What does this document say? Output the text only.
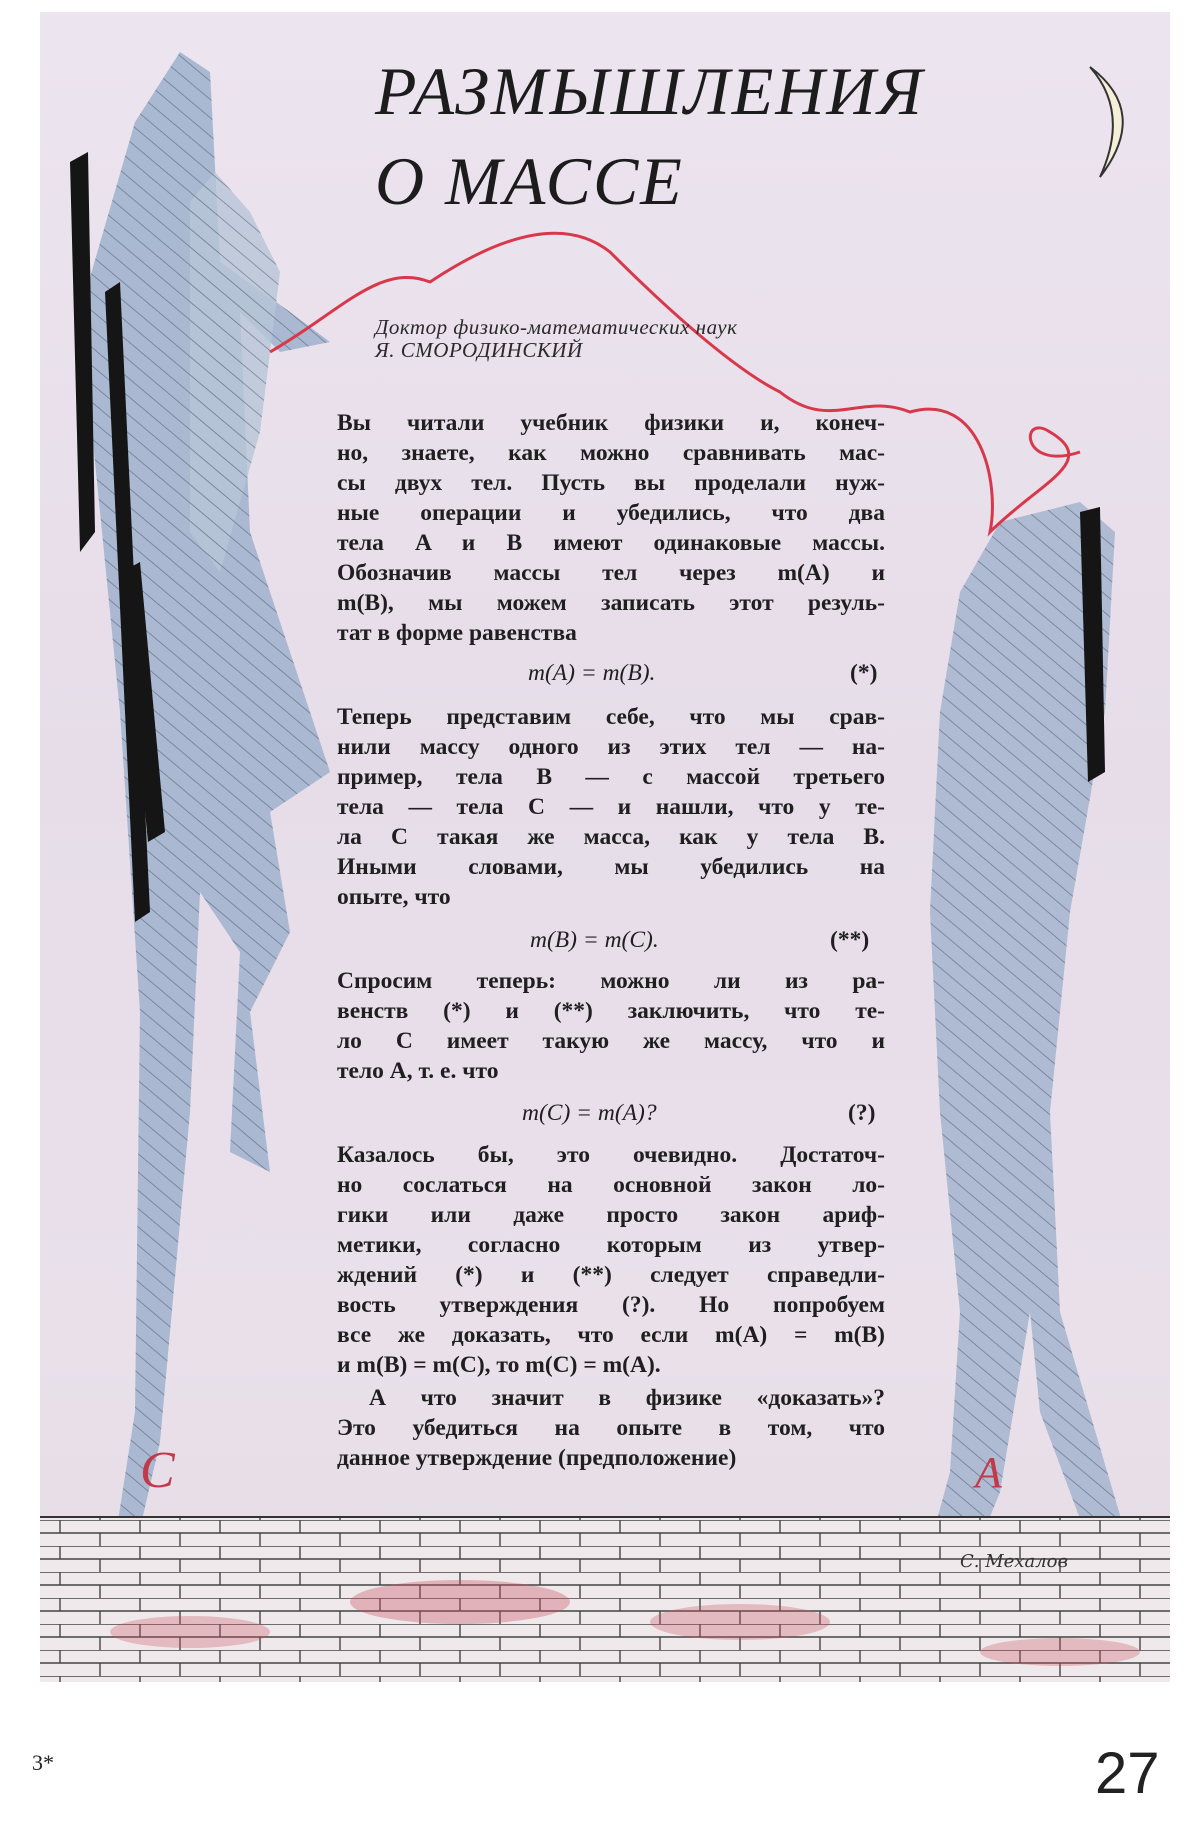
C	A
С. Мехалов
РАЗМЫШЛЕНИЯ
О МАССЕ
Доктор физико-математических наук
Я. СМОРОДИНСКИЙ
Вы читали учебник физики и, конеч-
но, знаете, как можно сравнивать мас-
сы двух тел. Пусть вы проделали нуж-
ные операции и убедились, что два
тела A и B имеют одинаковые массы.
Обозначив массы тел через m(A) и
m(B), мы можем записать этот резуль-
тат в форме равенства
m(A) = m(B).	(*)
Теперь представим себе, что мы срав-
нили массу одного из этих тел — на-
пример, тела B — с массой третьего
тела — тела C — и нашли, что у те-
ла C такая же масса, как у тела B.
Иными словами, мы убедились на
опыте, что
m(B) = m(C).	(**)
Спросим теперь: можно ли из ра-
венств (*) и (**) заключить, что те-
ло C имеет такую же массу, что и
тело A, т. е. что
m(C) = m(A)?	(?)
Казалось бы, это очевидно. Достаточ-
но сослаться на основной закон ло-
гики или даже просто закон ариф-
метики, согласно которым из утвер-
ждений (*) и (**) следует справедли-
вость утверждения (?). Но попробуем
все же доказать, что если m(A) = m(B)
и m(B) = m(C), то m(C) = m(A).
А что значит в физике «доказать»?
Это убедиться на опыте в том, что
данное утверждение (предположение)
3*	27
